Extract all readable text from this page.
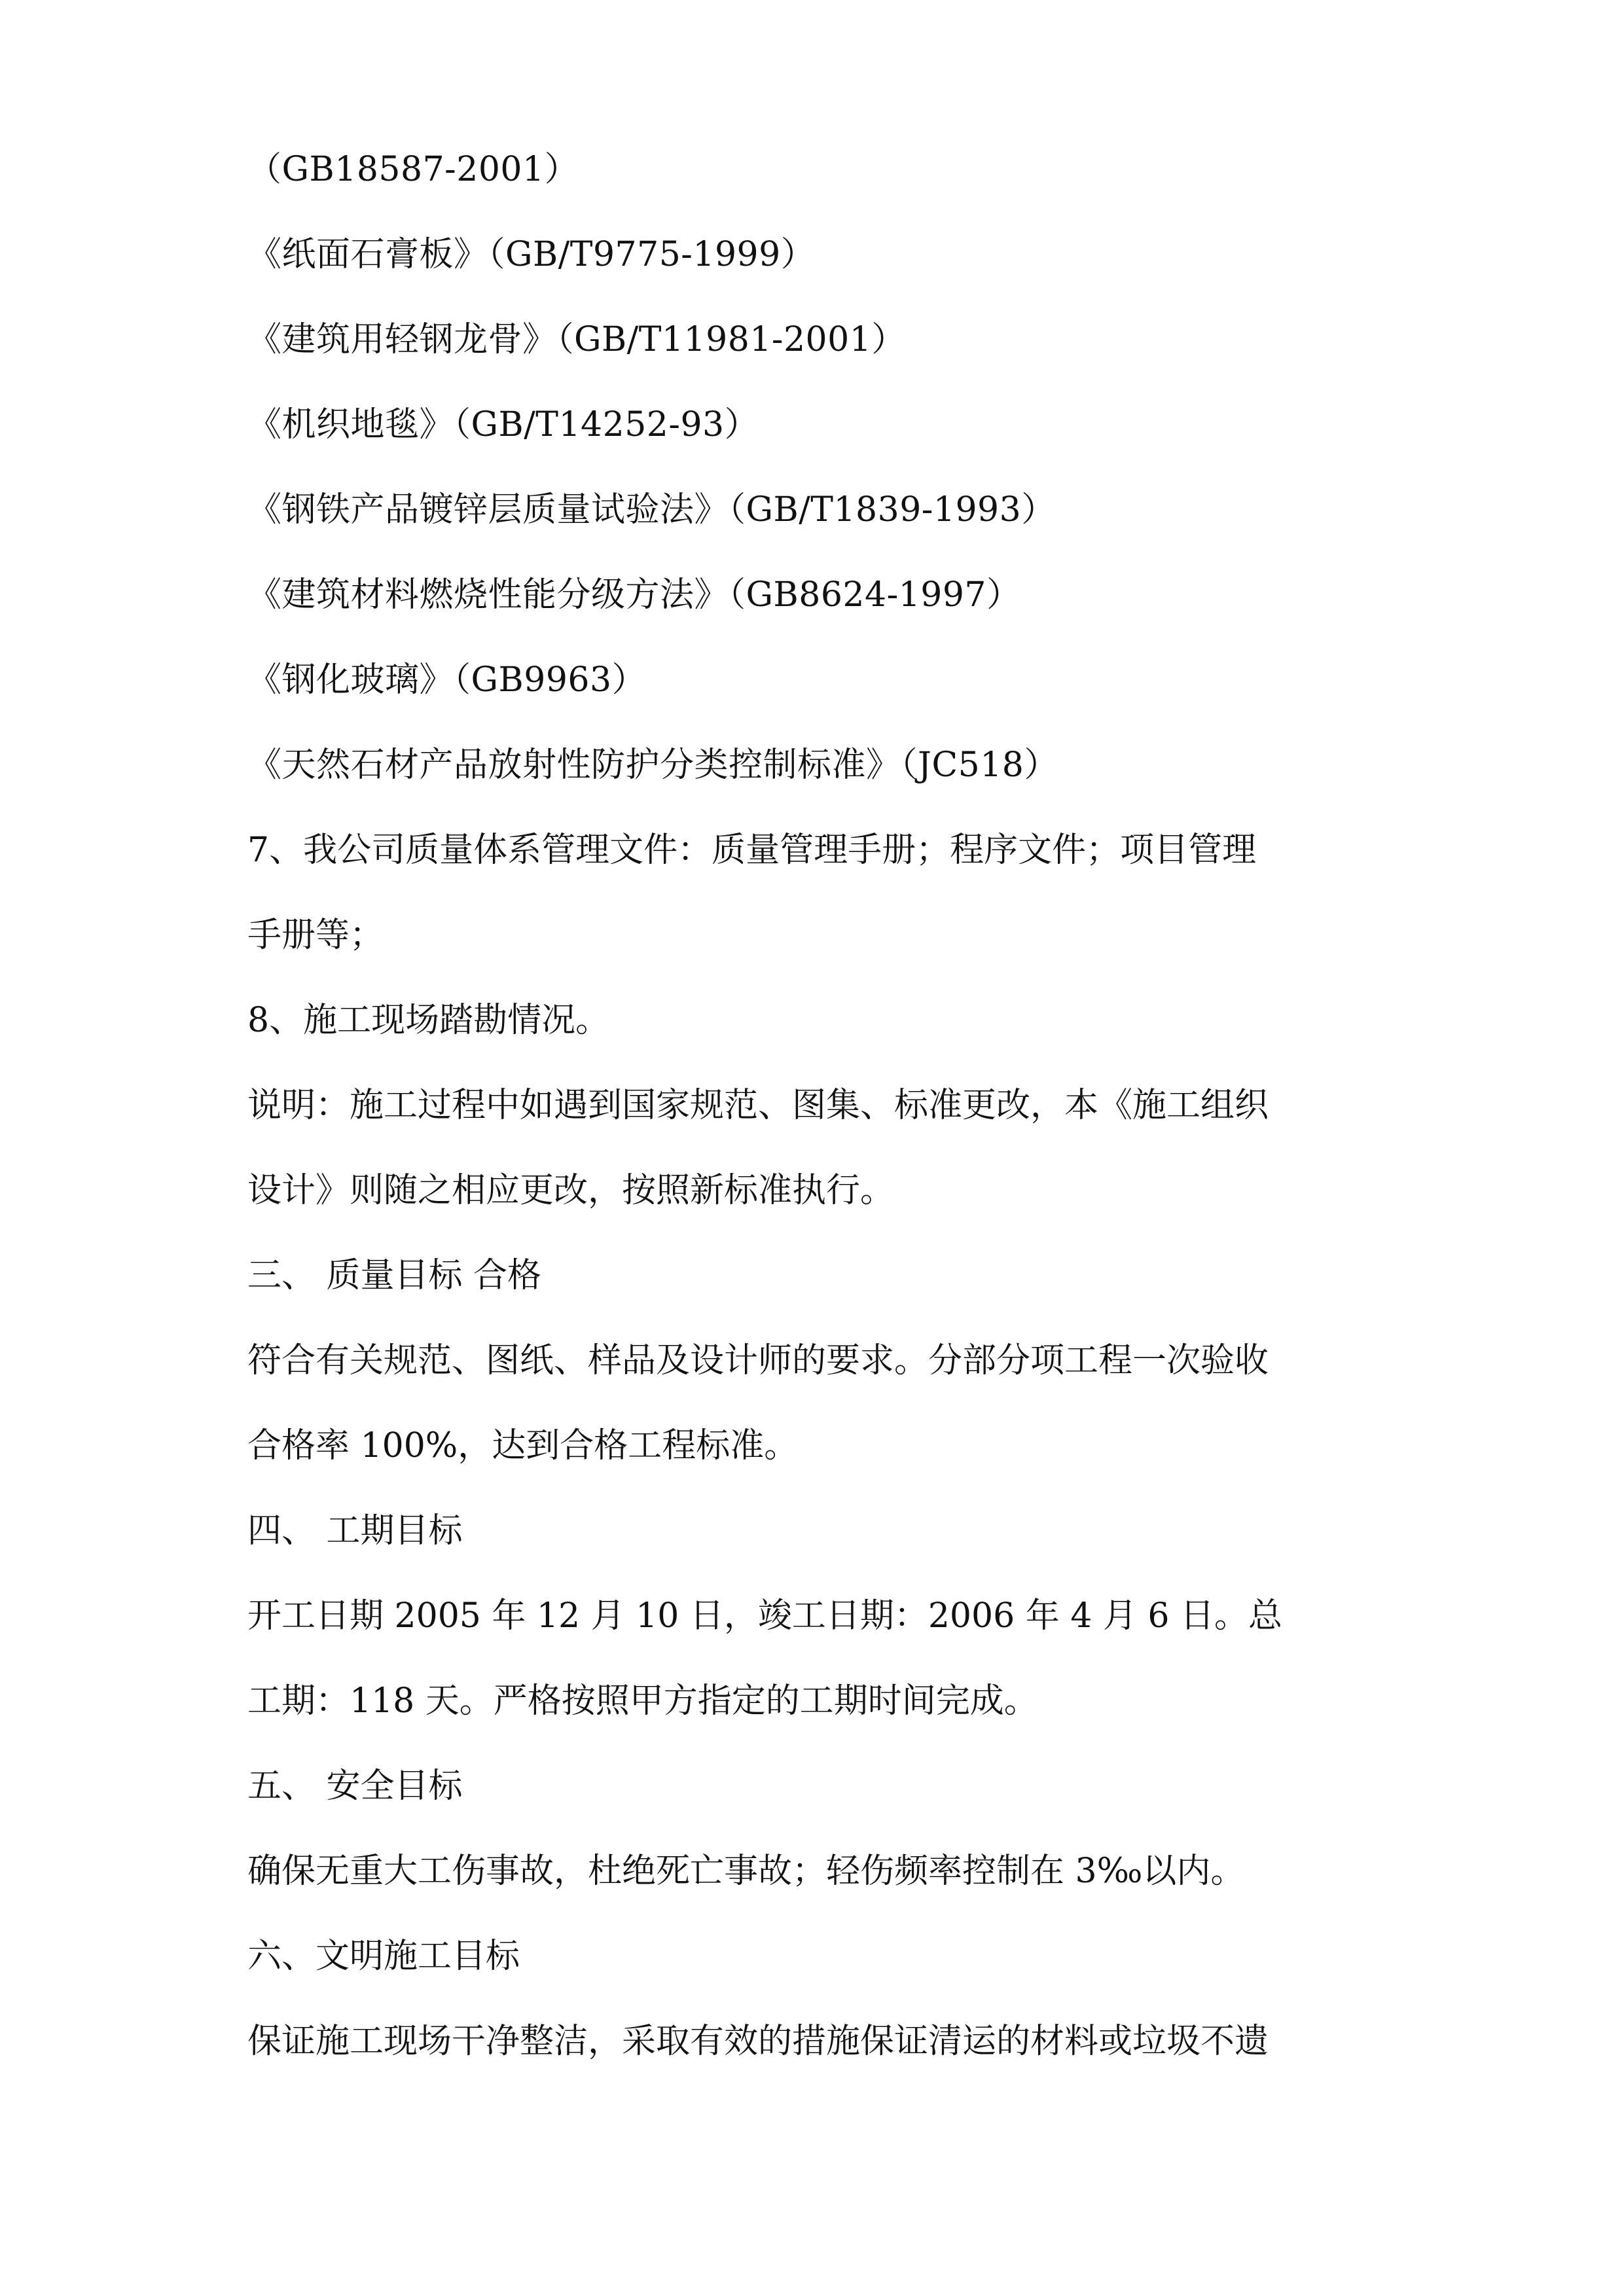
（GB18587-2001）

《纸面石膏板》（GB/T9775-1999）

《建筑用轻钢龙骨》（GB/T11981-2001）

《机织地毯》（GB/T14252-93）

《钢铁产品镀锌层质量试验法》（GB/T1839-1993）

《建筑材料燃烧性能分级方法》（GB8624-1997）

《钢化玻璃》（GB9963）

《天然石材产品放射性防护分类控制标准》（JC518）

7、我公司质量体系管理文件：质量管理手册；程序文件；项目管理

手册等；

8、施工现场踏勘情况。

说明：施工过程中如遇到国家规范、图集、标准更改，本《施工组织

设计》则随之相应更改，按照新标准执行。

三、 质量目标 合格

符合有关规范、图纸、样品及设计师的要求。分部分项工程一次验收

合格率 100%，达到合格工程标准。

四、 工期目标

开工日期 2005 年 12 月 10 日，竣工日期：2006 年 4 月 6 日。总

工期：118 天。严格按照甲方指定的工期时间完成。

五、 安全目标

确保无重大工伤事故，杜绝死亡事故；轻伤频率控制在 3‰以内。

六、文明施工目标

保证施工现场干净整洁，采取有效的措施保证清运的材料或垃圾不遗
